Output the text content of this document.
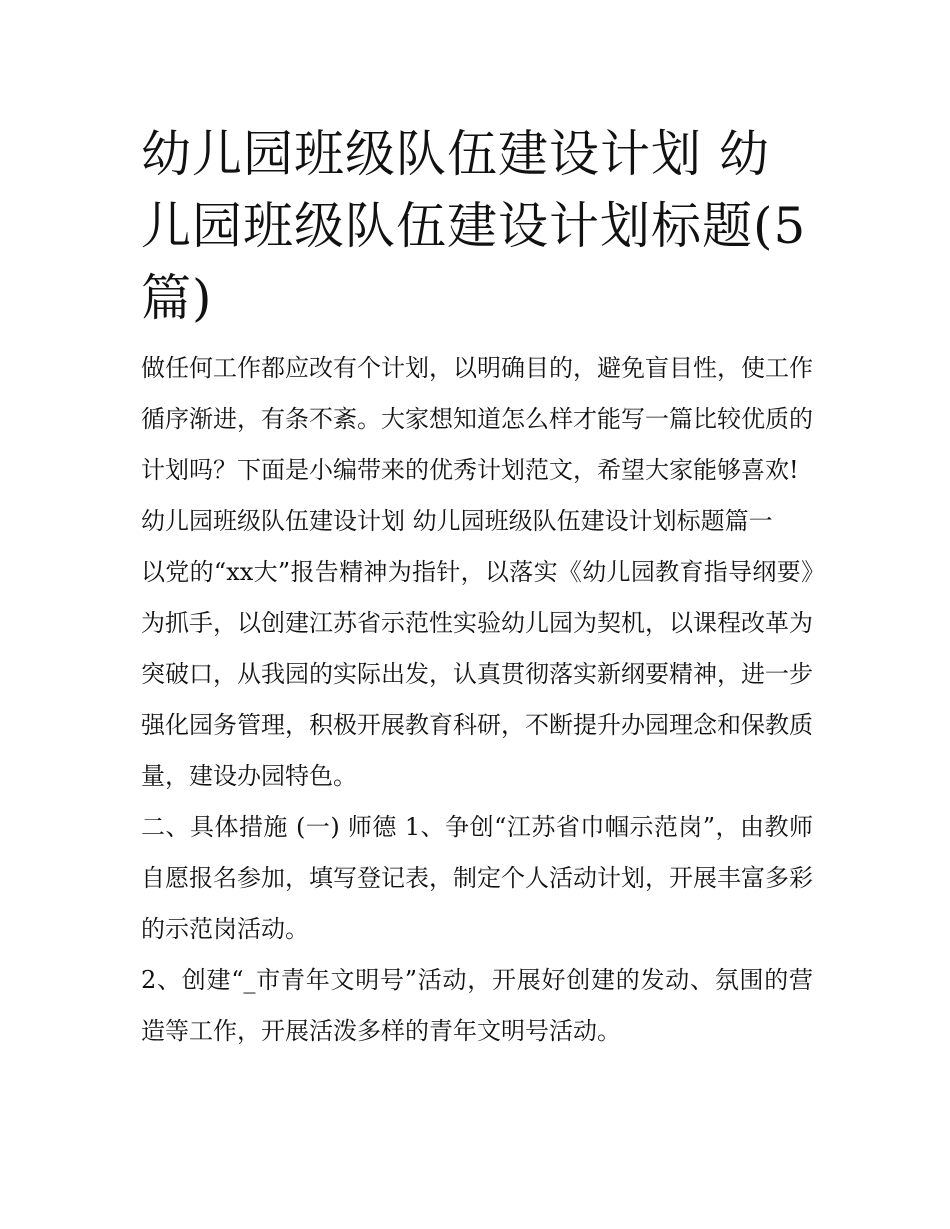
幼儿园班级队伍建设计划 幼儿园班级队伍建设计划标题(5篇)

做任何工作都应改有个计划，以明确目的，避免盲目性，使工作循序渐进，有条不紊。大家想知道怎么样才能写一篇比较优质的计划吗？下面是小编带来的优秀计划范文，希望大家能够喜欢!

幼儿园班级队伍建设计划 幼儿园班级队伍建设计划标题篇一

以党的“xx大”报告精神为指针，以落实《幼儿园教育指导纲要》为抓手，以创建江苏省示范性实验幼儿园为契机，以课程改革为突破口，从我园的实际出发，认真贯彻落实新纲要精神，进一步强化园务管理，积极开展教育科研，不断提升办园理念和保教质量，建设办园特色。

二、具体措施 (一) 师德 1、争创“江苏省巾帼示范岗”，由教师自愿报名参加，填写登记表，制定个人活动计划，开展丰富多彩的示范岗活动。

2、创建“_市青年文明号”活动，开展好创建的发动、氛围的营造等工作，开展活泼多样的青年文明号活动。
